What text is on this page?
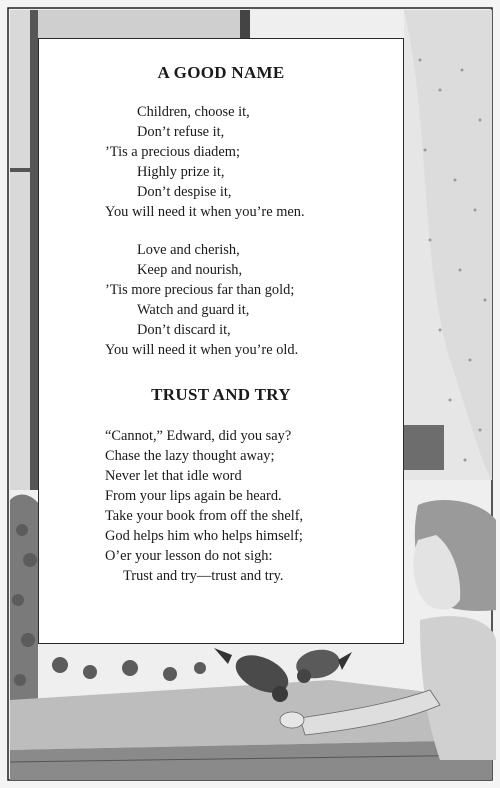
A GOOD NAME
Children, choose it,
Don’t refuse it,
’Tis a precious diadem;
Highly prize it,
Don’t despise it,
You will need it when you’re men.
Love and cherish,
Keep and nourish,
’Tis more precious far than gold;
Watch and guard it,
Don’t discard it,
You will need it when you’re old.
TRUST AND TRY
“Cannot,” Edward, did you say?
Chase the lazy thought away;
Never let that idle word
From your lips again be heard.
Take your book from off the shelf,
God helps him who helps himself;
O’er your lesson do not sigh:
Trust and try—trust and try.
